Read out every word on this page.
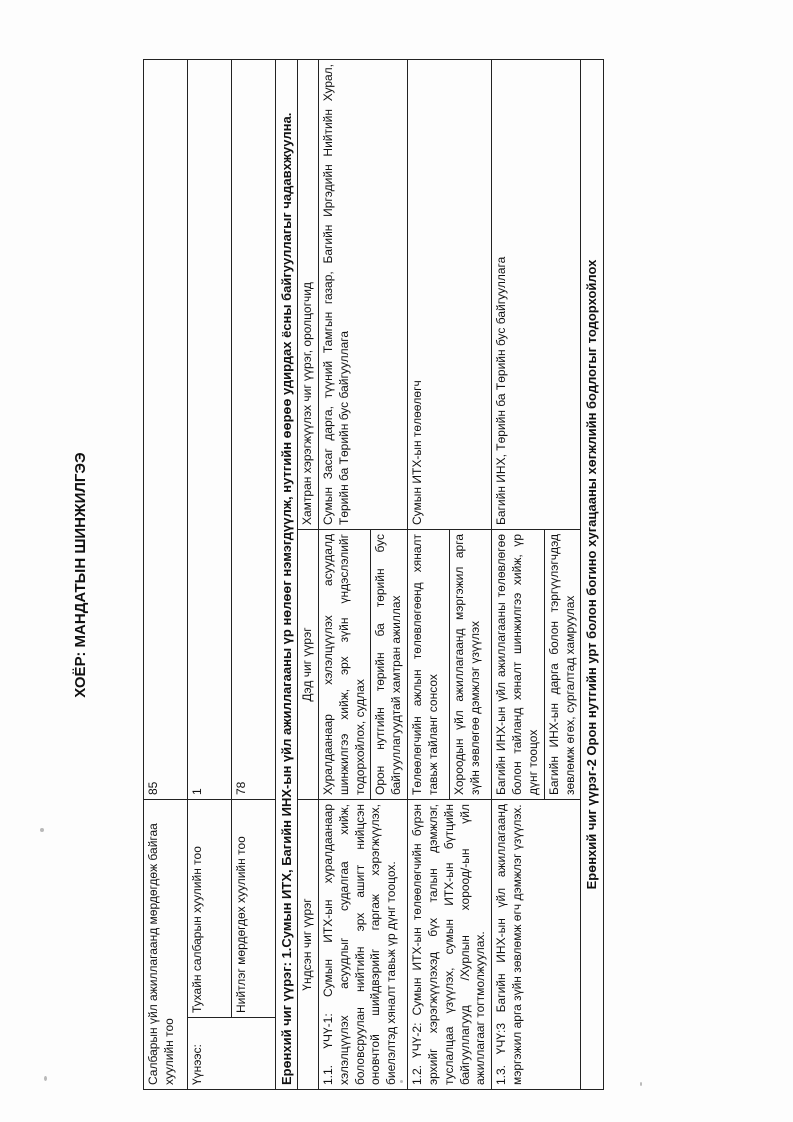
ХОЁР: МАНДАТЫН ШИНЖИЛГЭЭ
Салбарын үйл ажиллагаанд мөрдөгдөж байгаа хуулийн тоо		85	
Үүнээс:	Тухайн салбарын хуулийн тоо	1	
	Нийтлэг мөрдөгдөх хуулийн тоо	78	
Ерөнхий чиг үүрэг: 1.Сумын ИТХ, Багийн ИНХ-ын үйл ажиллагааны үр нөлөөг нэмэгдүүлж, нутгийн өөрөө удирдах ёсны байгууллагыг чадавхжуулна.			
Үндсэн чиг үүрэг		Дэд чиг үүрэг	Хамтран хэрэгжүүлэх чиг үүрэг, оролцогчид
1.1. ҮЧҮ-1: Сумын ИТХ-ын хуралдаанаар хэлэлцүүлэх асуудлыг судалгаа хийж, боловсруулан нийтийн эрх ашигт нийцсэн оновчтой шийдвэрийг гаргаж хэрэгжүүлэх, биелэлтэд хяналт тавьж үр дүнг тооцох.		Хуралдаанаар хэлэлцүүлэх асуудалд шинжилгээ хийж, эрх зүйн үндэслэлийг тодорхойлох, судлах	Сумын Засаг дарга, түүний Тамгын газар, Багийн Иргэдийн Нийтийн Хурал, Төрийн ба Төрийн бус байгууллага
		Орон нутгийн төрийн ба төрийн бус байгууллагуудтай хамтран ажиллах	
1.2. ҮЧҮ-2: Сумын ИТХ-ын төлөөлөгчийн бүрэн эрхийг хэрэгжүүлэхэд бүх талын дэмжлэг, туслалцаа үзүүлэх, сумын ИТХ-ын бүтцийн байгууллагууд /Хурлын хороод/-ын үйл ажиллагааг тогтмолжуулах.		Төлөөлөгчийн ажлын төлөвлөгөөнд хяналт тавьж тайланг сонсох	Сумын ИТХ-ын төлөөлөгч
		Хороодын үйл ажиллагаанд мэргэжил арга зүйн зөвлөгөө дэмжлэг үзүүлэх	
1.3. ҮЧҮ:3 Багийн ИНХ-ын үйл ажиллагаанд мэргэжил арга зүйн зөвлөмж өгч дэмжлэг үзүүлэх.		Багийн ИНХ-ын үйл ажиллагааны төлөвлөгөө болон тайланд хяналт шинжилгээ хийж, үр дүнг тооцох	Багийн ИНХ, Төрийн ба Төрийн бус байгууллага
		Багийн ИНХ-ын дарга болон тэргүүлэгчдэд зөвлөмж өгөх, сургалтад хамруулах	
Ерөнхий чиг үүрэг-2 Орон нутгийн урт болон богино хугацааны хөгжлийн бодлогыг тодорхойлох			
